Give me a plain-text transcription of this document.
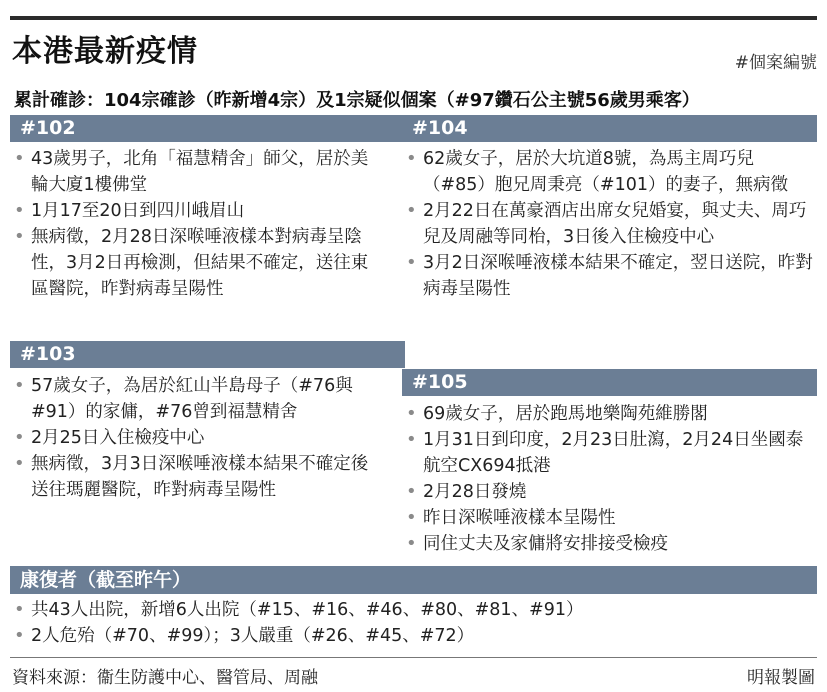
本港最新疫情	#個案編號
累計確診：104宗確診（昨新增4宗）及1宗疑似個案（#97鑽石公主號56歲男乘客）
#102
• 43歲男子，北角「福慧精舍」師父，居於美輪大廈1樓佛堂
• 1月17至20日到四川峨眉山
• 無病徵，2月28日深喉唾液樣本對病毒呈陰性，3月2日再檢測，但結果不確定，送往東區醫院，昨對病毒呈陽性
#103
• 57歲女子，為居於紅山半島母子（#76與#91）的家傭，#76曾到福慧精舍
• 2月25日入住檢疫中心
• 無病徵，3月3日深喉唾液樣本結果不確定後送往瑪麗醫院，昨對病毒呈陽性
#104
• 62歲女子，居於大坑道8號，為馬主周巧兒（#85）胞兄周秉亮（#101）的妻子，無病徵
• 2月22日在萬豪酒店出席女兒婚宴，與丈夫、周巧兒及周融等同枱，3日後入住檢疫中心
• 3月2日深喉唾液樣本結果不確定，翌日送院，昨對病毒呈陽性
#105
• 69歲女子，居於跑馬地樂陶苑維勝閣
• 1月31日到印度，2月23日肚瀉，2月24日坐國泰航空CX694抵港
• 2月28日發燒
• 昨日深喉唾液樣本呈陽性
• 同住丈夫及家傭將安排接受檢疫
康復者（截至昨午）
• 共43人出院，新增6人出院（#15、#16、#46、#80、#81、#91）
• 2人危殆（#70、#99）；3人嚴重（#26、#45、#72）
資料來源：衞生防護中心、醫管局、周融	明報製圖
